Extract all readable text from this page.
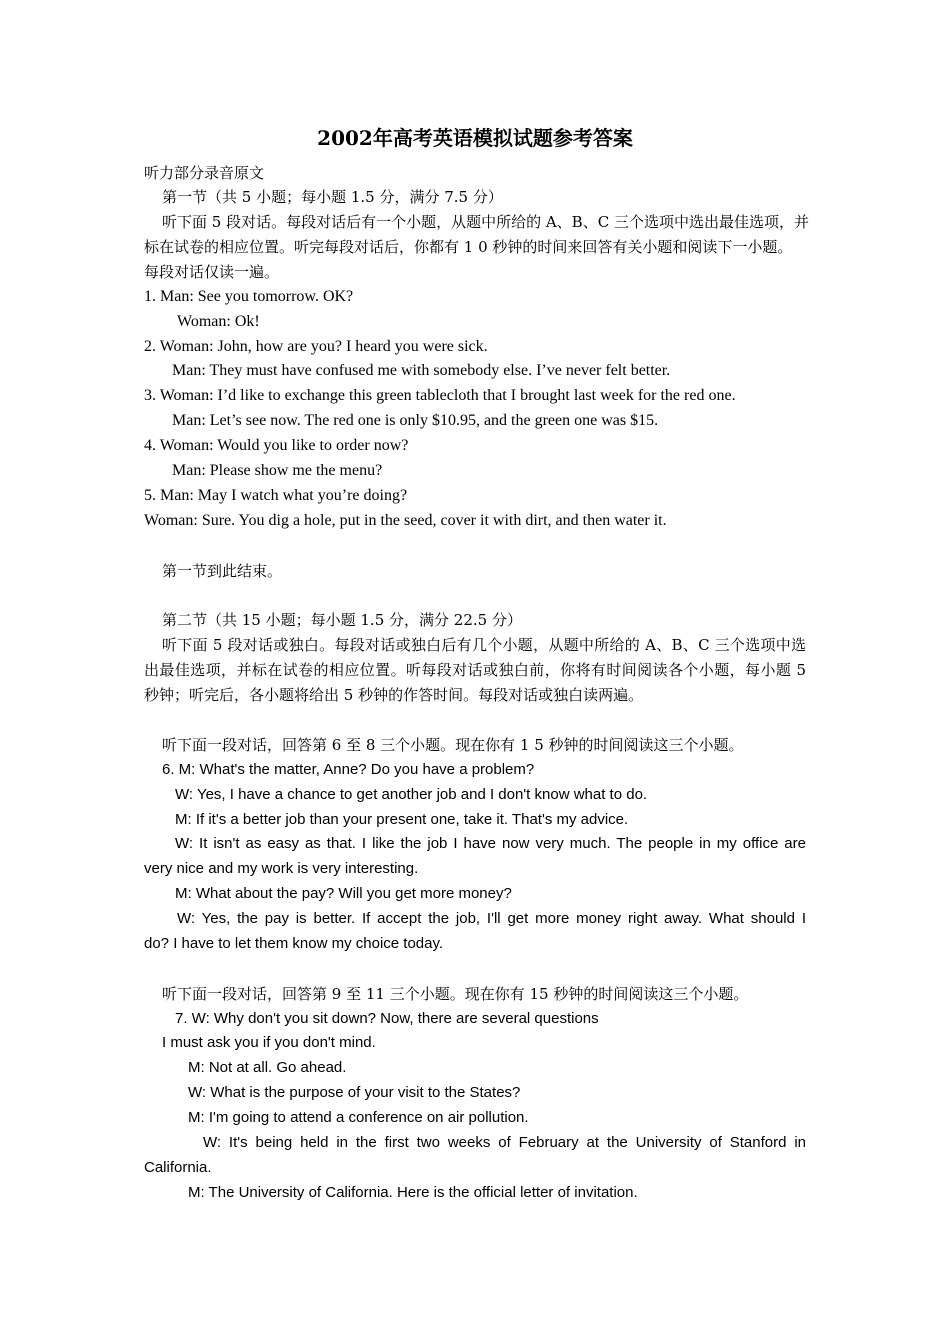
2002年高考英语模拟试题参考答案
听力部分录音原文
第一节（共 5 小题；每小题 1.5 分，满分 7.5 分）
听下面 5 段对话。每段对话后有一个小题，从题中所给的 A、B、C 三个选项中选出最佳选项，并
标在试卷的相应位置。听完每段对话后，你都有 1 0 秒钟的时间来回答有关小题和阅读下一小题。
每段对话仅读一遍。
1. Man: See you tomorrow. OK?
Woman: Ok!
2. Woman: John, how are you? I heard you were sick.
Man: They must have confused me with somebody else. I’ve never felt better.
3. Woman: I’d like to exchange this green tablecloth that I brought last week for the red one.
Man: Let’s see now. The red one is only $10.95, and the green one was $15.
4. Woman: Would you like to order now?
Man: Please show me the menu?
5. Man: May I watch what you’re doing?
Woman: Sure. You dig a hole, put in the seed, cover it with dirt, and then water it.
第一节到此结束。
第二节（共 15 小题；每小题 1.5 分，满分 22.5 分）
听下面 5 段对话或独白。每段对话或独白后有几个小题，从题中所给的 A、B、C 三个选项中选
出最佳选项，并标在试卷的相应位置。听每段对话或独白前，你将有时间阅读各个小题，每小题 5
秒钟；听完后，各小题将给出 5 秒钟的作答时间。每段对话或独白读两遍。
听下面一段对话，回答第 6 至 8 三个小题。现在你有 1 5 秒钟的时间阅读这三个小题。
6. M: What's the matter, Anne? Do you have a problem?
W: Yes, I have a chance to get another job and I don't know what to do.
M: If it's a better job than your present one, take it. That's my advice.
W: It isn't as easy as that. I like the job I have now very much. The people in my office are
very nice and my work is very interesting.
M: What about the pay? Will you get more money?
W: Yes, the pay is better. If accept the job, I'll get more money right away. What should I
do? I have to let them know my choice today.
听下面一段对话，回答第 9 至 11 三个小题。现在你有 15 秒钟的时间阅读这三个小题。
7. W: Why don't you sit down? Now, there are several questions
I must ask you if you don't mind.
M: Not at all. Go ahead.
W: What is the purpose of your visit to the States?
M: I'm going to attend a conference on air pollution.
W: It's being held in the first two weeks of February at the University of Stanford in
California.
M: The University of California. Here is the official letter of invitation.
